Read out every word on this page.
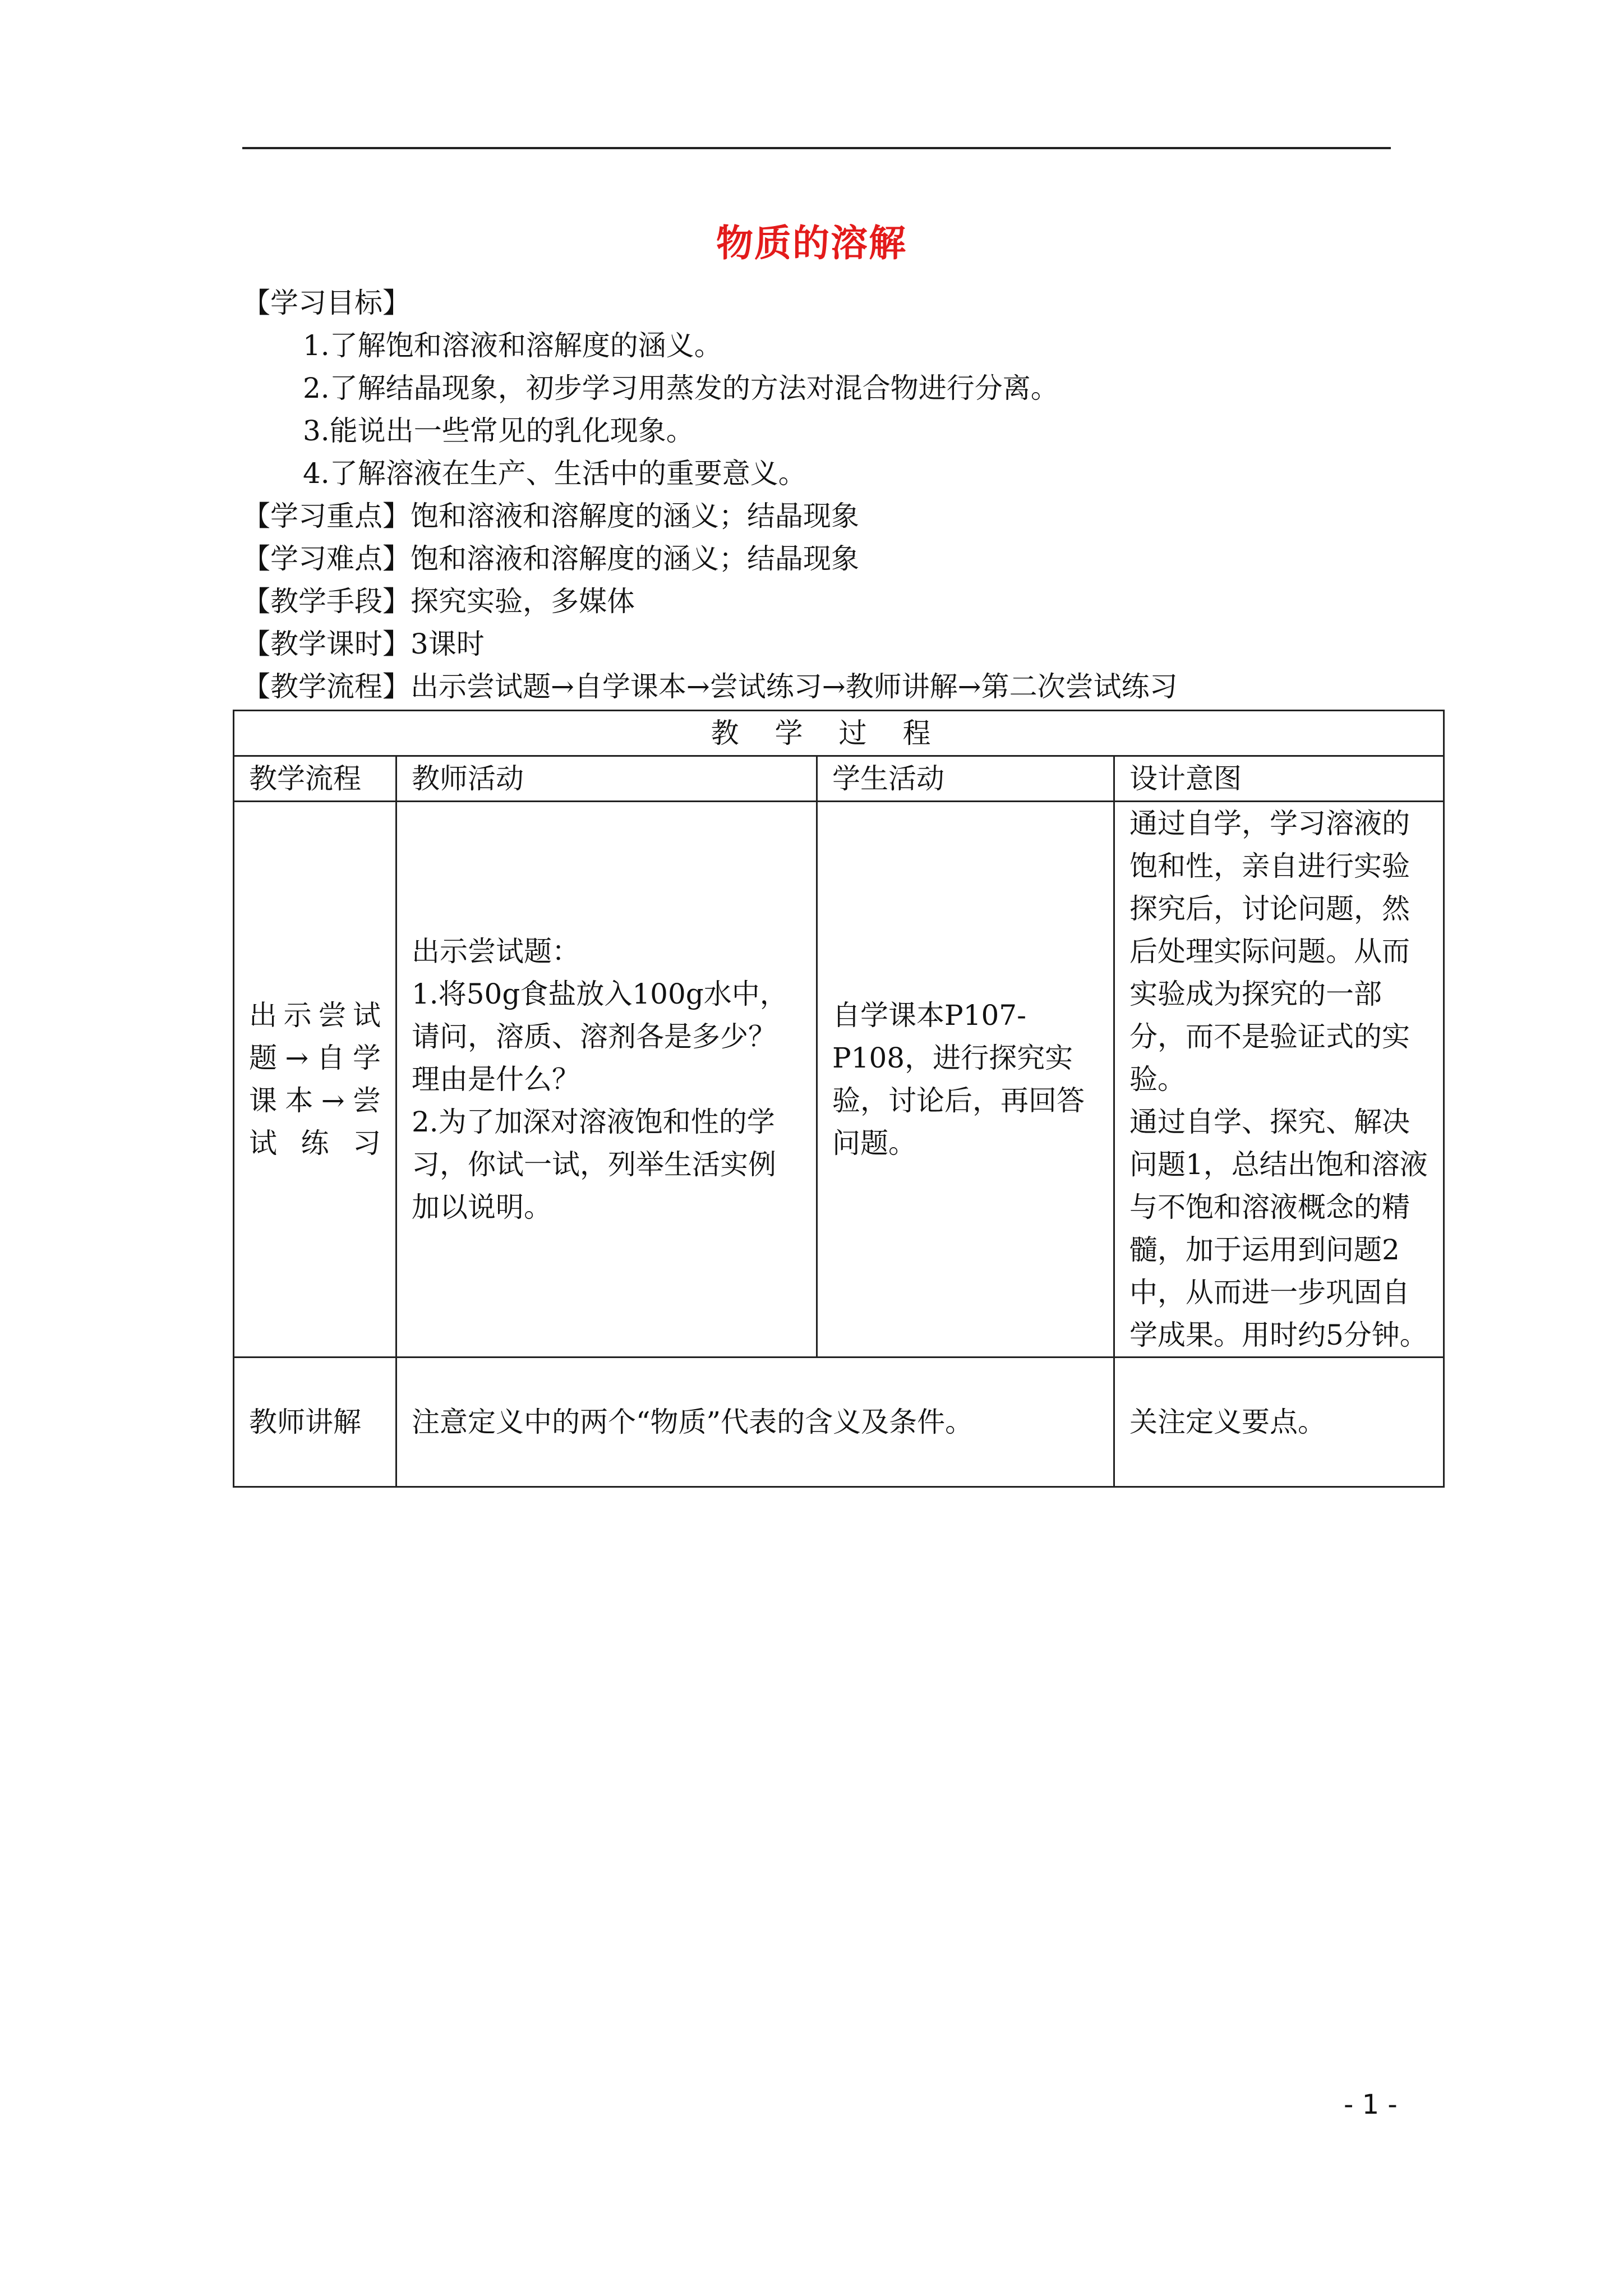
物质的溶解
【学习目标】
1.了解饱和溶液和溶解度的涵义。
2.了解结晶现象，初步学习用蒸发的方法对混合物进行分离。
3.能说出一些常见的乳化现象。
4.了解溶液在生产、生活中的重要意义。
【学习重点】饱和溶液和溶解度的涵义；结晶现象
【学习难点】饱和溶液和溶解度的涵义；结晶现象
【教学手段】探究实验，多媒体
【教学课时】3课时
【教学流程】出示尝试题→自学课本→尝试练习→教师讲解→第二次尝试练习
教学过程			
教学流程	教师活动	学生活动	设计意图
出示尝试题→自学课本→尝试练习	出示尝试题：
1.将50g食盐放入100g水中，请问，溶质、溶剂各是多少？理由是什么？
2.为了加深对溶液饱和性的学习，你试一试，列举生活实例加以说明。	自学课本P107-P108，进行探究实验，讨论后，再回答问题。	通过自学，学习溶液的饱和性，亲自进行实验探究后，讨论问题，然后处理实际问题。从而实验成为探究的一部分，而不是验证式的实验。
通过自学、探究、解决问题1，总结出饱和溶液与不饱和溶液概念的精髓，加于运用到问题2中，从而进一步巩固自学成果。用时约5分钟。

教师讲解	注意定义中的两个“物质”代表的含义及条件。		关注定义要点。
- 1 -
